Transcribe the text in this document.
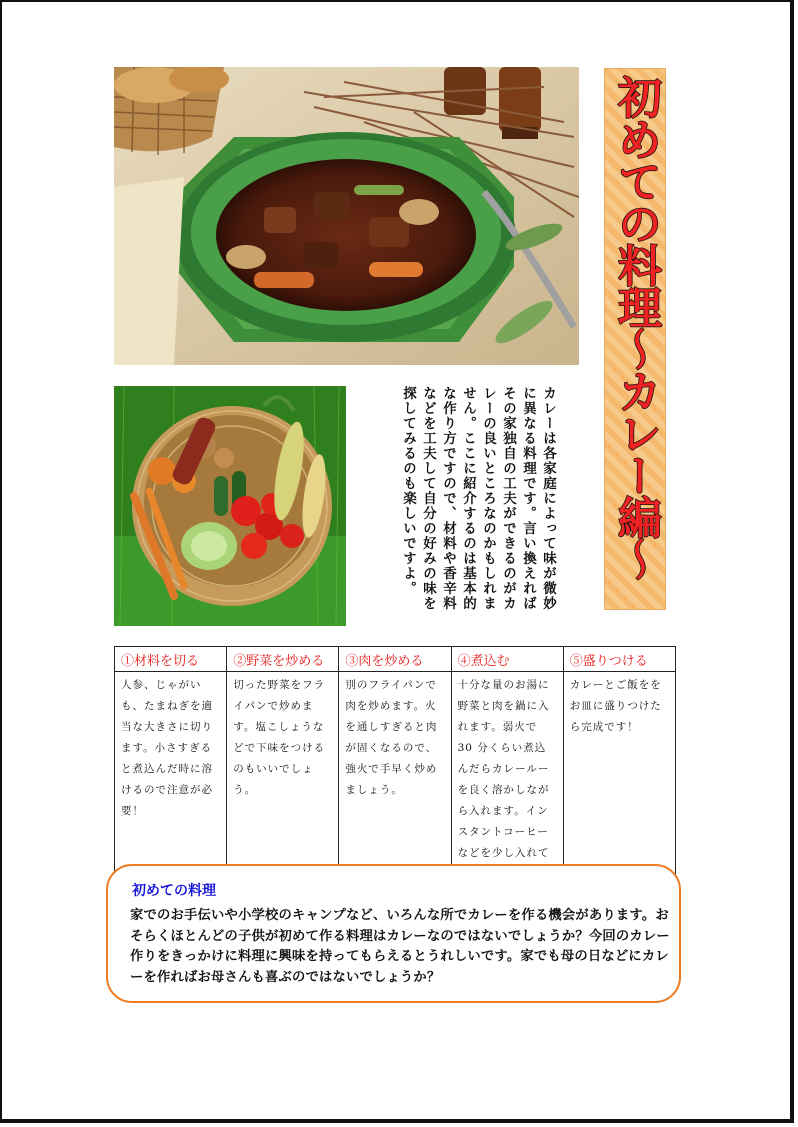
初めての料理〜カレー編〜
カレーは各家庭によって味が微妙に異なる料理です。言い換えればその家独自の工夫ができるのがカレーの良いところなのかもしれません。ここに紹介するのは基本的な作り方ですので、材料や香辛料などを工夫して自分の好みの味を探してみるのも楽しいですよ。
①材料を切る	②野菜を炒める	③肉を炒める	④煮込む	⑤盛りつける
人参、じゃがいも、たまねぎを適当な大きさに切ります。小さすぎると煮込んだ時に溶けるので注意が必要！	切った野菜をフライパンで炒めます。塩こしょうなどで下味をつけるのもいいでしょう。	別のフライパンで肉を炒めます。火を通しすぎると肉が固くなるので、強火で手早く炒めましょう。	十分な量のお湯に野菜と肉を鍋に入れます。弱火で 30 分くらい煮込んだらカレールーを良く溶かしながら入れます。インスタントコーヒーなどを少し入れて	カレーとご飯ををお皿に盛りつけたら完成です！
初めての料理
家でのお手伝いや小学校のキャンプなど、いろんな所でカレーを作る機会があります。おそらくほとんどの子供が初めて作る料理はカレーなのではないでしょうか？今回のカレー作りをきっかけに料理に興味を持ってもらえるとうれしいです。家でも母の日などにカレーを作ればお母さんも喜ぶのではないでしょうか？
